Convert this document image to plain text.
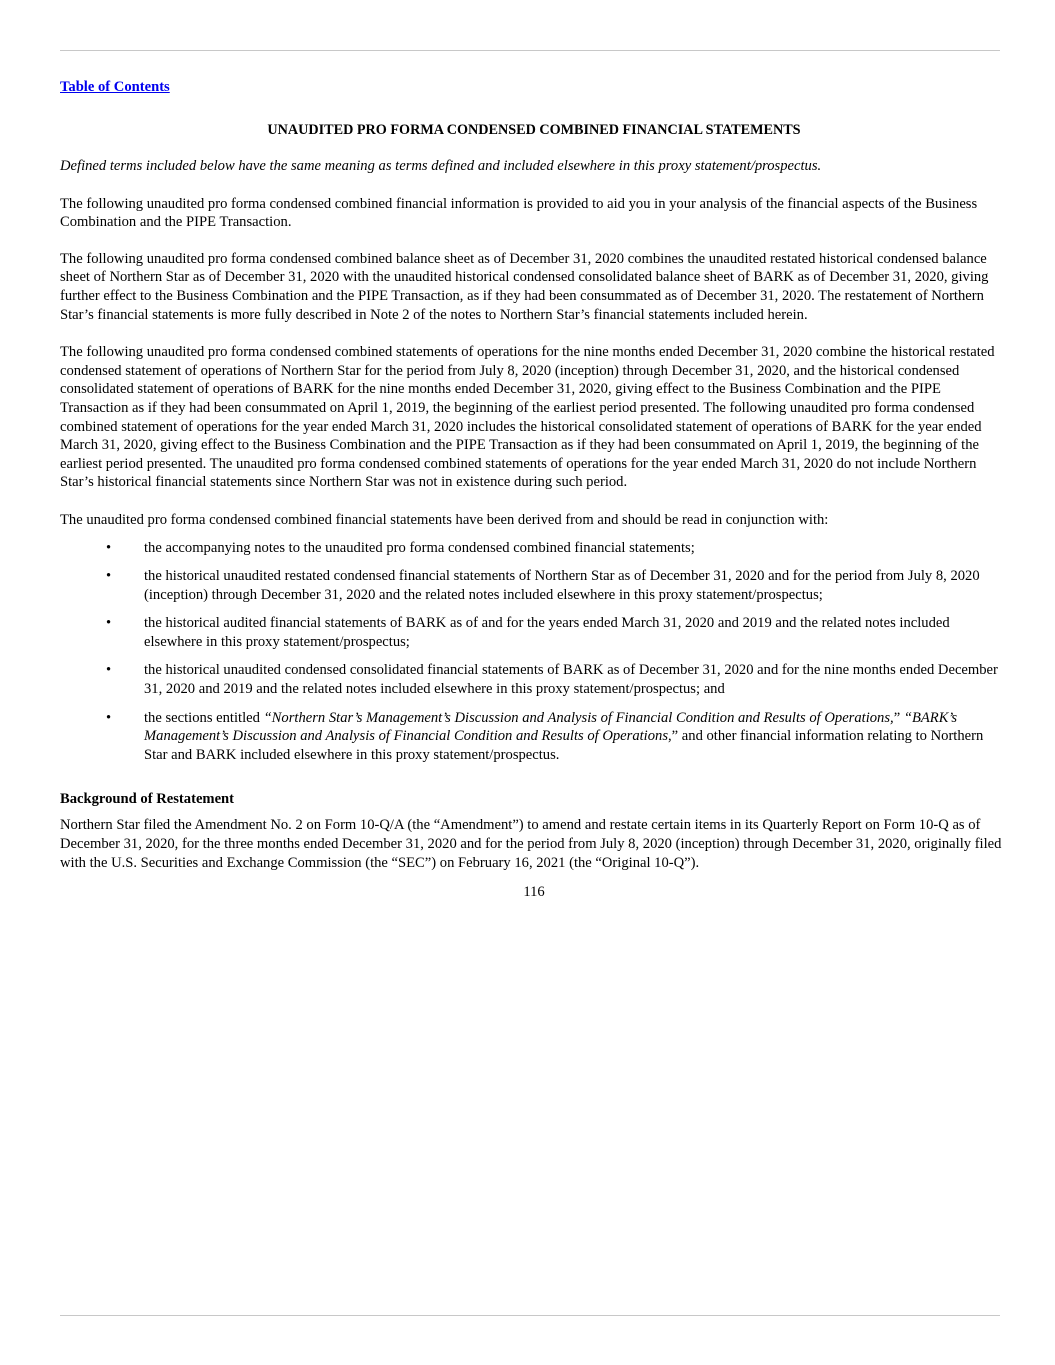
Table of Contents
UNAUDITED PRO FORMA CONDENSED COMBINED FINANCIAL STATEMENTS

Defined terms included below have the same meaning as terms defined and included elsewhere in this proxy statement/prospectus.

The following unaudited pro forma condensed combined financial information is provided to aid you in your analysis of the financial aspects of the Business Combination and the PIPE Transaction.

The following unaudited pro forma condensed combined balance sheet as of December 31, 2020 combines the unaudited restated historical condensed balance sheet of Northern Star as of December 31, 2020 with the unaudited historical condensed consolidated balance sheet of BARK as of December 31, 2020, giving further effect to the Business Combination and the PIPE Transaction, as if they had been consummated as of December 31, 2020. The restatement of Northern Star’s financial statements is more fully described in Note 2 of the notes to Northern Star’s financial statements included herein.

The following unaudited pro forma condensed combined statements of operations for the nine months ended December 31, 2020 combine the historical restated condensed statement of operations of Northern Star for the period from July 8, 2020 (inception) through December 31, 2020, and the historical condensed consolidated statement of operations of BARK for the nine months ended December 31, 2020, giving effect to the Business Combination and the PIPE Transaction as if they had been consummated on April 1, 2019, the beginning of the earliest period presented. The following unaudited pro forma condensed combined statement of operations for the year ended March 31, 2020 includes the historical consolidated statement of operations of BARK for the year ended March 31, 2020, giving effect to the Business Combination and the PIPE Transaction as if they had been consummated on April 1, 2019, the beginning of the earliest period presented. The unaudited pro forma condensed combined statements of operations for the year ended March 31, 2020 do not include Northern Star’s historical financial statements since Northern Star was not in existence during such period.

The unaudited pro forma condensed combined financial statements have been derived from and should be read in conjunction with:

• the accompanying notes to the unaudited pro forma condensed combined financial statements;
• the historical unaudited restated condensed financial statements of Northern Star as of December 31, 2020 and for the period from July 8, 2020 (inception) through December 31, 2020 and the related notes included elsewhere in this proxy statement/prospectus;
• the historical audited financial statements of BARK as of and for the years ended March 31, 2020 and 2019 and the related notes included elsewhere in this proxy statement/prospectus;
• the historical unaudited condensed consolidated financial statements of BARK as of December 31, 2020 and for the nine months ended December 31, 2020 and 2019 and the related notes included elsewhere in this proxy statement/prospectus; and
• the sections entitled “Northern Star’s Management’s Discussion and Analysis of Financial Condition and Results of Operations,” “BARK’s Management’s Discussion and Analysis of Financial Condition and Results of Operations,” and other financial information relating to Northern Star and BARK included elsewhere in this proxy statement/prospectus.
Background of Restatement

Northern Star filed the Amendment No. 2 on Form 10-Q/A (the “Amendment”) to amend and restate certain items in its Quarterly Report on Form 10-Q as of December 31, 2020, for the three months ended December 31, 2020 and for the period from July 8, 2020 (inception) through December 31, 2020, originally filed with the U.S. Securities and Exchange Commission (the “SEC”) on February 16, 2021 (the “Original 10-Q”).

116
